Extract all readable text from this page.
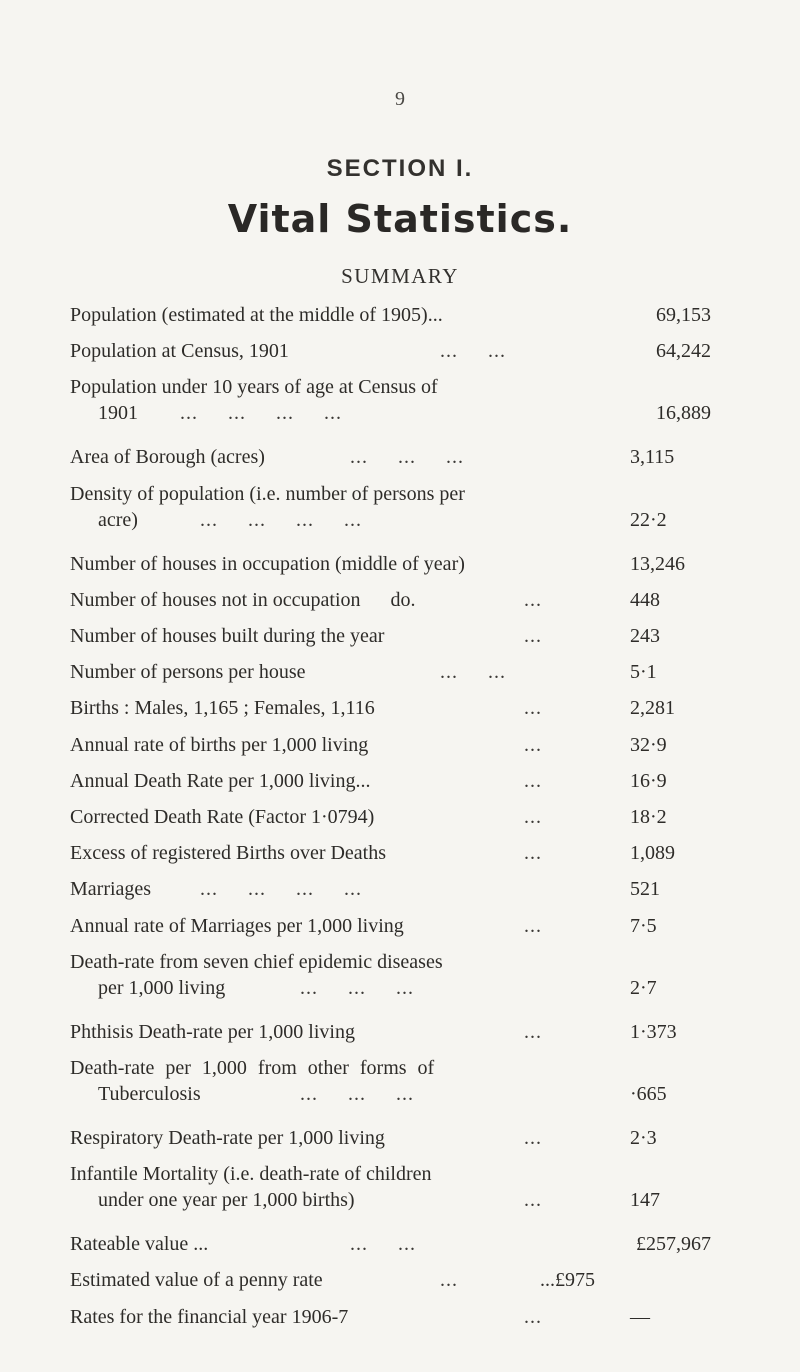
9
SECTION I.
Vital Statistics.
SUMMARY
Population (estimated at the middle of 1905)...	69,153
Population at Census, 1901	...     ...	64,242
Population under 10 years of age at Census of
1901	...     ...     ...     ...	16,889
Area of Borough (acres)	...     ...     ...	3,115
Density of population (i.e. number of persons per
acre)	...     ...     ...     ...	22·2
Number of houses in occupation (middle of year)	13,246
Number of houses not in occupation      do.	...	448
Number of houses built during the year	...	243
Number of persons per house	...     ...	5·1
Births : Males, 1,165 ; Females, 1,116	...	2,281
Annual rate of births per 1,000 living	...	32·9
Annual Death Rate per 1,000 living...	...	16·9
Corrected Death Rate (Factor 1·0794)	...	18·2
Excess of registered Births over Deaths	...	1,089
Marriages ...     ...     ...     ...	521
Annual rate of Marriages per 1,000 living	...	7·5
Death-rate from seven chief epidemic diseases
per 1,000 living	...     ...     ...	2·7
Phthisis Death-rate per 1,000 living	...	1·373
Death-rate per 1,000 from other forms of
Tuberculosis	...     ...     ...	·665
Respiratory Death-rate per 1,000 living	...	2·3
Infantile Mortality (i.e. death-rate of children
under one year per 1,000 births)	...	147
Rateable value ...	...     ...	£257,967
Estimated value of a penny rate	...	...£975
Rates for the financial year 1906-7	...	—
